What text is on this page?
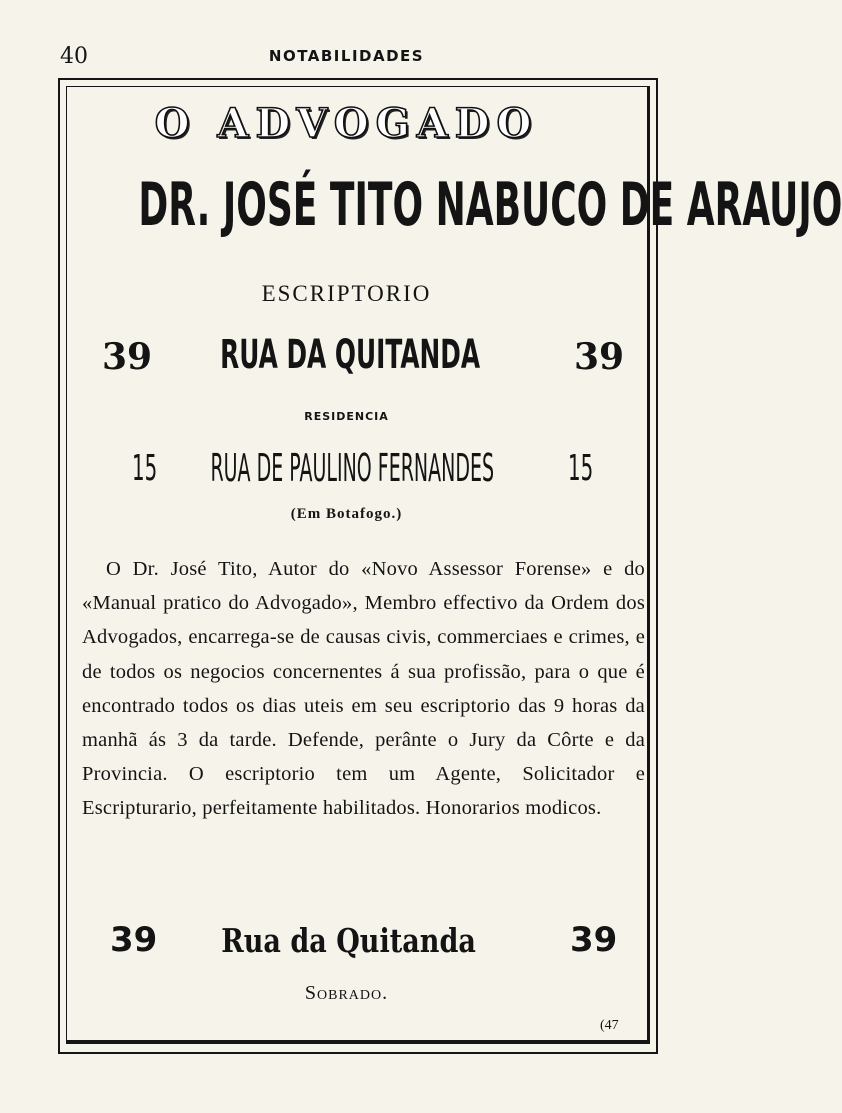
40	NOTABILIDADES
O ADVOGADO
DR. JOSÉ TITO NABUCO DE ARAUJO
ESCRIPTORIO
39	RUA DA QUITANDA	39
RESIDENCIA
15	RUA DE PAULINO FERNANDES	15
(Em Botafogo.)
O Dr. José Tito, Autor do «Novo Assessor Forense» e do «Manual pratico do Advogado», Membro effectivo da Ordem dos Advogados, encarrega-se de causas civis, commerciaes e crimes, e de todos os negocios concernentes á sua profissão, para o que é encontrado todos os dias uteis em seu escriptorio das 9 horas da manhã ás 3 da tarde. Defende, perânte o Jury da Côrte e da Provincia. O escriptorio tem um Agente, Solicitador e Escripturario, perfeitamente habilitados. Honorarios modicos.
39	Rua da Quitanda	39
Sobrado.
(47
